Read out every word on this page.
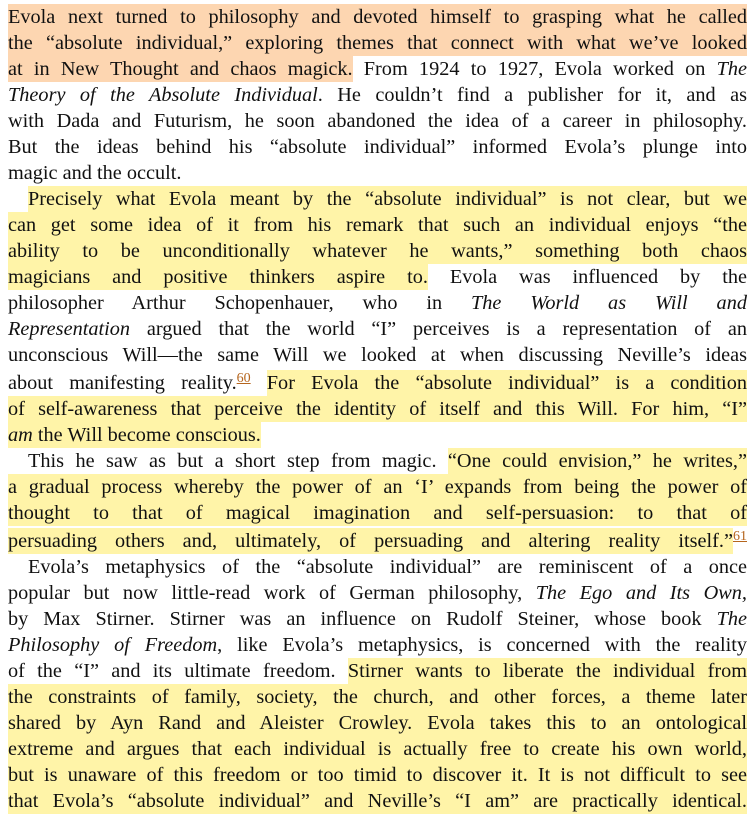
Evola next turned to philosophy and devoted himself to grasping what he called
the “absolute individual,” exploring themes that connect with what we’ve looked
at in New Thought and chaos magick. From 1924 to 1927, Evola worked on The
Theory of the Absolute Individual. He couldn’t find a publisher for it, and as
with Dada and Futurism, he soon abandoned the idea of a career in philosophy.
But the ideas behind his “absolute individual” informed Evola’s plunge into
magic and the occult.
Precisely what Evola meant by the “absolute individual” is not clear, but we
can get some idea of it from his remark that such an individual enjoys “the
ability to be unconditionally whatever he wants,” something both chaos
magicians and positive thinkers aspire to. Evola was influenced by the
philosopher Arthur Schopenhauer, who in The World as Will and
Representation argued that the world “I” perceives is a representation of an
unconscious Will—the same Will we looked at when discussing Neville’s ideas
about manifesting reality.$^{60}$ For Evola the “absolute individual” is a condition
of self-awareness that perceive the identity of itself and this Will. For him, “I”
am the Will become conscious.
This he saw as but a short step from magic. “One could envision,” he writes,”
a gradual process whereby the power of an ‘I’ expands from being the power of
thought to that of magical imagination and self-persuasion: to that of
persuading others and, ultimately, of persuading and altering reality itself.”$^{61}$
Evola’s metaphysics of the “absolute individual” are reminiscent of a once
popular but now little-read work of German philosophy, The Ego and Its Own,
by Max Stirner. Stirner was an influence on Rudolf Steiner, whose book The
Philosophy of Freedom, like Evola’s metaphysics, is concerned with the reality
of the “I” and its ultimate freedom. Stirner wants to liberate the individual from
the constraints of family, society, the church, and other forces, a theme later
shared by Ayn Rand and Aleister Crowley. Evola takes this to an ontological
extreme and argues that each individual is actually free to create his own world,
but is unaware of this freedom or too timid to discover it. It is not difficult to see
that Evola’s “absolute individual” and Neville’s “I am” are practically identical.
